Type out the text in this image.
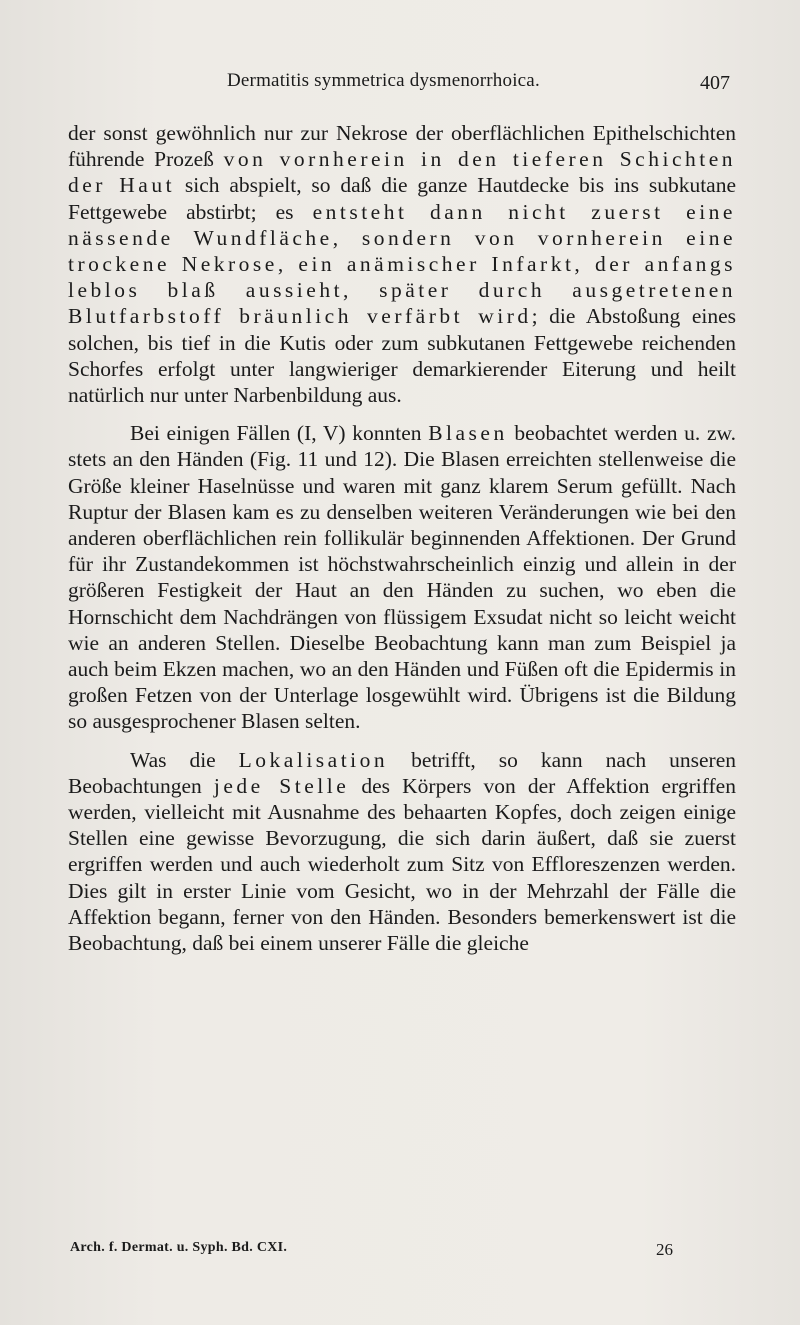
Dermatitis symmetrica dysmenorrhoica.	407

der sonst gewöhnlich nur zur Nekrose der oberflächlichen Epithelschichten führende Prozeß von vornherein in den tieferen Schichten der Haut sich abspielt, so daß die ganze Hautdecke bis ins subkutane Fettgewebe abstirbt; es entsteht dann nicht zuerst eine nässende Wundfläche, sondern von vornherein eine trockene Nekrose, ein anämischer Infarkt, der anfangs leblos blaß aussieht, später durch ausgetretenen Blutfarbstoff bräunlich verfärbt wird; die Abstoßung eines solchen, bis tief in die Kutis oder zum subkutanen Fettgewebe reichenden Schorfes erfolgt unter langwieriger demarkierender Eiterung und heilt natürlich nur unter Narbenbildung aus.

Bei einigen Fällen (I, V) konnten Blasen beobachtet werden u. zw. stets an den Händen (Fig. 11 und 12). Die Blasen erreichten stellenweise die Größe kleiner Haselnüsse und waren mit ganz klarem Serum gefüllt. Nach Ruptur der Blasen kam es zu denselben weiteren Veränderungen wie bei den anderen oberflächlichen rein follikulär beginnenden Affektionen. Der Grund für ihr Zustandekommen ist höchstwahrscheinlich einzig und allein in der größeren Festigkeit der Haut an den Händen zu suchen, wo eben die Hornschicht dem Nachdrängen von flüssigem Exsudat nicht so leicht weicht wie an anderen Stellen. Dieselbe Beobachtung kann man zum Beispiel ja auch beim Ekzen machen, wo an den Händen und Füßen oft die Epidermis in großen Fetzen von der Unterlage losgewühlt wird. Übrigens ist die Bildung so ausgesprochener Blasen selten.

Was die Lokalisation betrifft, so kann nach unseren Beobachtungen jede Stelle des Körpers von der Affektion ergriffen werden, vielleicht mit Ausnahme des behaarten Kopfes, doch zeigen einige Stellen eine gewisse Bevorzugung, die sich darin äußert, daß sie zuerst ergriffen werden und auch wiederholt zum Sitz von Effloreszenzen werden. Dies gilt in erster Linie vom Gesicht, wo in der Mehrzahl der Fälle die Affektion begann, ferner von den Händen. Besonders bemerkenswert ist die Beobachtung, daß bei einem unserer Fälle die gleiche

Arch. f. Dermat. u. Syph. Bd. CXI.	26
